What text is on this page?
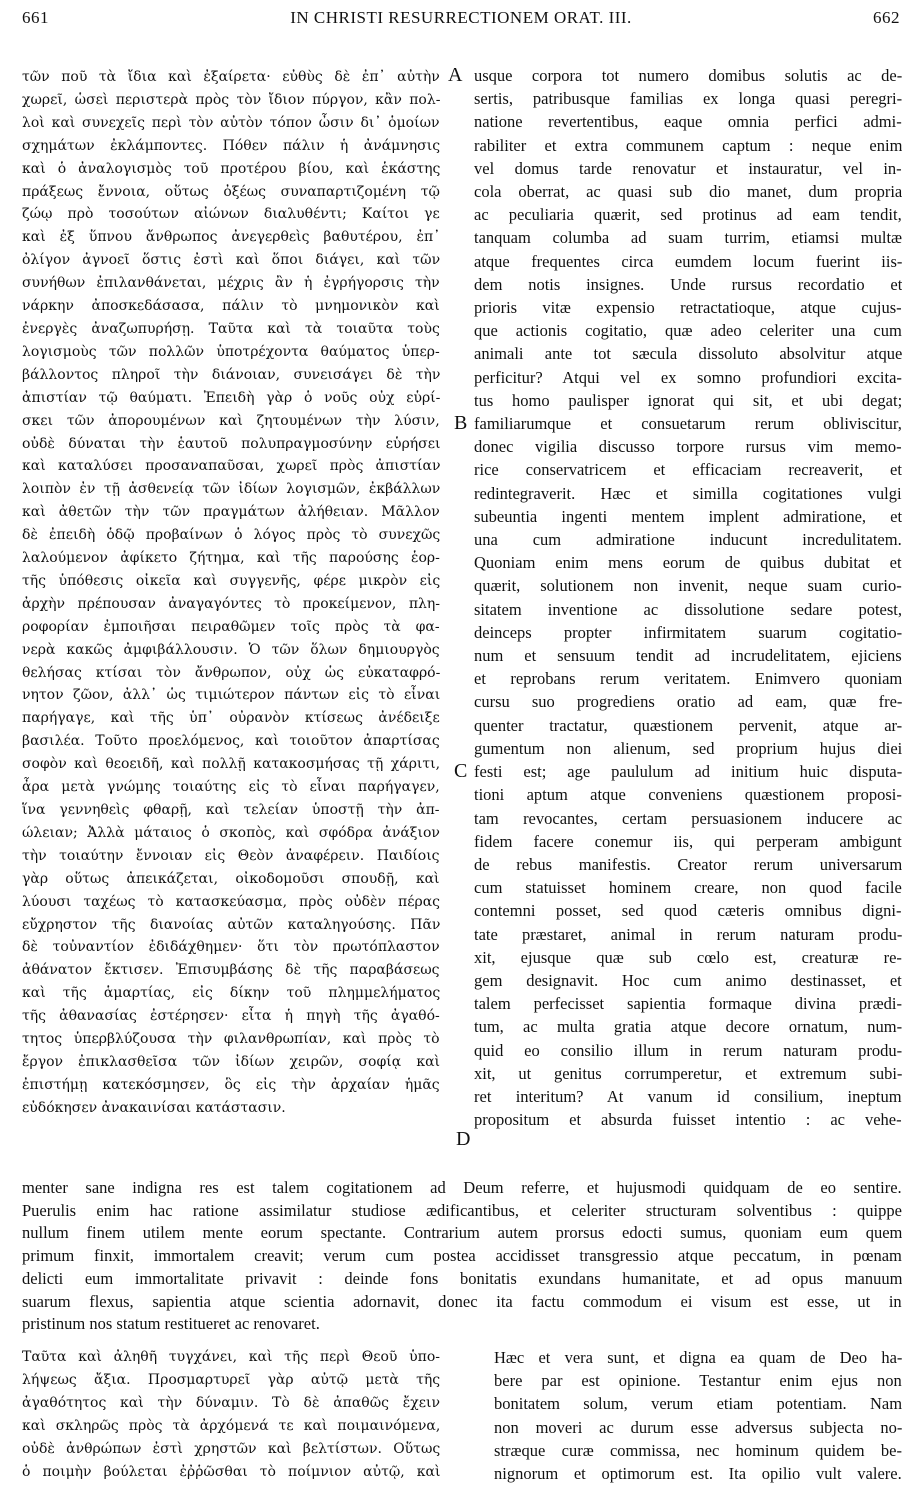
661	IN CHRISTI RESURRECTIONEM ORAT. III.	662
τῶν ποῦ τὰ ἴδια καὶ ἐξαίρετα· εὐθὺς δὲ ἐπ᾽ αὐτὴν
χωρεῖ, ὡσεὶ περιστερὰ πρὸς τὸν ἴδιον πύργον, κἂν πολ-
λοὶ καὶ συνεχεῖς περὶ τὸν αὐτὸν τόπον ὦσιν δι᾽ ὁμοίων
σχημάτων ἐκλάμποντες. Πόθεν πάλιν ἡ ἀνάμνησις
καὶ ὁ ἀναλογισμὸς τοῦ προτέρου βίου, καὶ ἑκάστης
πράξεως ἔννοια, οὕτως ὀξέως συναπαρτιζομένη τῷ
ζώῳ πρὸ τοσούτων αἰώνων διαλυθέντι; Καίτοι γε
καὶ ἐξ ὕπνου ἄνθρωπος ἀνεγερθεὶς βαθυτέρου, ἐπ᾽
ὀλίγον ἀγνοεῖ ὅστις ἐστὶ καὶ ὅποι διάγει, καὶ τῶν
συνήθων ἐπιλανθάνεται, μέχρις ἂν ἡ ἐγρήγορσις τὴν
νάρκην ἀποσκεδάσασα, πάλιν τὸ μνημονικὸν καὶ
ἐνεργὲς ἀναζωπυρήσῃ. Ταῦτα καὶ τὰ τοιαῦτα τοὺς
λογισμοὺς τῶν πολλῶν ὑποτρέχοντα θαύματος ὑπερ-
βάλλοντος πληροῖ τὴν διάνοιαν, συνεισάγει δὲ τὴν
ἀπιστίαν τῷ θαύματι. Ἐπειδὴ γὰρ ὁ νοῦς οὐχ εὑρί-
σκει τῶν ἀπορουμένων καὶ ζητουμένων τὴν λύσιν,
οὐδὲ δύναται τὴν ἑαυτοῦ πολυπραγμοσύνην εὑρήσει
καὶ καταλύσει προσαναπαῦσαι, χωρεῖ πρὸς ἀπιστίαν
λοιπὸν ἐν τῇ ἀσθενείᾳ τῶν ἰδίων λογισμῶν, ἐκβάλλων
καὶ ἀθετῶν τὴν τῶν πραγμάτων ἀλήθειαν. Μᾶλλον
δὲ ἐπειδὴ ὁδῷ προβαίνων ὁ λόγος πρὸς τὸ συνεχῶς
λαλούμενον ἀφίκετο ζήτημα, καὶ τῆς παρούσης ἑορ-
τῆς ὑπόθεσις οἰκεῖα καὶ συγγενῆς, φέρε μικρὸν εἰς
ἀρχὴν πρέπουσαν ἀναγαγόντες τὸ προκείμενον, πλη-
ροφορίαν ἐμποιῆσαι πειραθῶμεν τοῖς πρὸς τὰ φα-
νερὰ κακῶς ἀμφιβάλλουσιν. Ὁ τῶν ὅλων δημιουργὸς
θελήσας κτίσαι τὸν ἄνθρωπον, οὐχ ὡς εὐκαταφρό-
νητον ζῶον, ἀλλ᾽ ὡς τιμιώτερον πάντων εἰς τὸ εἶναι
παρήγαγε, καὶ τῆς ὑπ᾽ οὐρανὸν κτίσεως ἀνέδειξε
βασιλέα. Τοῦτο προελόμενος, καὶ τοιοῦτον ἀπαρτίσας
σοφὸν καὶ θεοειδῆ, καὶ πολλῇ κατακοσμήσας τῇ χάριτι,
ἆρα μετὰ γνώμης τοιαύτης εἰς τὸ εἶναι παρήγαγεν,
ἵνα γεννηθεὶς φθαρῇ, καὶ τελείαν ὑποστῇ τὴν ἀπ-
ώλειαν; Ἀλλὰ μάταιος ὁ σκοπὸς, καὶ σφόδρα ἀνάξιον
τὴν τοιαύτην ἔννοιαν εἰς Θεὸν ἀναφέρειν. Παιδίοις
γὰρ οὕτως ἀπεικάζεται, οἰκοδομοῦσι σπουδῇ, καὶ
λύουσι ταχέως τὸ κατασκεύασμα, πρὸς οὐδὲν πέρας
εὔχρηστον τῆς διανοίας αὐτῶν καταληγούσης. Πᾶν
δὲ τοὐναντίον ἐδιδάχθημεν· ὅτι τὸν πρωτόπλαστον
ἀθάνατον ἔκτισεν. Ἐπισυμβάσης δὲ τῆς παραβάσεως
καὶ τῆς ἁμαρτίας, εἰς δίκην τοῦ πλημμελήματος
τῆς ἀθανασίας ἐστέρησεν· εἶτα ἡ πηγὴ τῆς ἀγαθό-
τητος ὑπερβλύζουσα τὴν φιλανθρωπίαν, καὶ πρὸς τὸ
ἔργον ἐπικλασθεῖσα τῶν ἰδίων χειρῶν, σοφίᾳ καὶ
ἐπιστήμῃ κατεκόσμησεν, ὃς εἰς τὴν ἀρχαίαν ἡμᾶς
εὐδόκησεν ἀνακαινίσαι κατάστασιν.
usque corpora tot numero domibus solutis ac de-
sertis, patribusque familias ex longa quasi peregri-
natione revertentibus, eaque omnia perfici admi-
rabiliter et extra communem captum : neque enim
vel domus tarde renovatur et instauratur, vel in-
cola oberrat, ac quasi sub dio manet, dum propria
ac peculiaria quærit, sed protinus ad eam tendit,
tanquam columba ad suam turrim, etiamsi multæ
atque frequentes circa eumdem locum fuerint iis-
dem notis insignes. Unde rursus recordatio et
prioris vitæ expensio retractatioque, atque cujus-
que actionis cogitatio, quæ adeo celeriter una cum
animali ante tot sæcula dissoluto absolvitur atque
perficitur? Atqui vel ex somno profundiori excita-
tus homo paulisper ignorat qui sit, et ubi degat;
familiarumque et consuetarum rerum obliviscitur,
donec vigilia discusso torpore rursus vim memo-
rice conservatricem et efficaciam recreaverit, et
redintegraverit. Hæc et similla cogitationes vulgi
subeuntia ingenti mentem implent admiratione, et
una cum admiratione inducunt incredulitatem.
Quoniam enim mens eorum de quibus dubitat et
quærit, solutionem non invenit, neque suam curio-
sitatem inventione ac dissolutione sedare potest,
deinceps propter infirmitatem suarum cogitatio-
num et sensuum tendit ad incrudelitatem, ejiciens
et reprobans rerum veritatem. Enimvero quoniam
cursu suo progrediens oratio ad eam, quæ fre-
quenter tractatur, quæstionem pervenit, atque ar-
gumentum non alienum, sed proprium hujus diei
festi est; age paululum ad initium huic disputa-
tioni aptum atque conveniens quæstionem proposi-
tam revocantes, certam persuasionem inducere ac
fidem facere conemur iis, qui perperam ambigunt
de rebus manifestis. Creator rerum universarum
cum statuisset hominem creare, non quod facile
contemni posset, sed quod cæteris omnibus digni-
tate præstaret, animal in rerum naturam produ-
xit, ejusque quæ sub cœlo est, creaturæ re-
gem designavit. Hoc cum animo destinasset, et
talem perfecisset sapientia formaque divina prædi-
tum, ac multa gratia atque decore ornatum, num-
quid eo consilio illum in rerum naturam produ-
xit, ut genitus corrumperetur, et extremum subi-
ret interitum? At vanum id consilium, ineptum
propositum et absurda fuisset intentio : ac vehe-
menter sane indigna res est talem cogitationem ad Deum referre, et hujusmodi quidquam de eo sentire.
Puerulis enim hac ratione assimilatur studiose ædificantibus, et celeriter structuram solventibus : quippe
nullum finem utilem mente eorum spectante. Contrarium autem prorsus edocti sumus, quoniam eum quem
primum finxit, immortalem creavit; verum cum postea accidisset transgressio atque peccatum, in pœnam
delicti eum immortalitate privavit : deinde fons bonitatis exundans humanitate, et ad opus manuum
suarum flexus, sapientia atque scientia adornavit, donec ita factu commodum ei visum est esse, ut in
pristinum nos statum restitueret ac renovaret.
Ταῦτα καὶ ἀληθῆ τυγχάνει, καὶ τῆς περὶ Θεοῦ ὑπο-
λήψεως ἄξια. Προσμαρτυρεῖ γὰρ αὐτῷ μετὰ τῆς
ἀγαθότητος καὶ τὴν δύναμιν. Τὸ δὲ ἀπαθῶς ἔχειν
καὶ σκληρῶς πρὸς τὰ ἀρχόμενά τε καὶ ποιμαινόμενα,
οὐδὲ ἀνθρώπων ἐστὶ χρηστῶν καὶ βελτίστων. Οὕτως
ὁ ποιμὴν βούλεται ἐῤῥῶσθαι τὸ ποίμνιον αὐτῷ, καὶ
Hæc et vera sunt, et digna ea quam de Deo ha-
bere par est opinione. Testantur enim ejus non
bonitatem solum, verum etiam potentiam. Nam
non moveri ac durum esse adversus subjecta no-
stræque curæ commissa, nec hominum quidem be-
nignorum et optimorum est. Ita opilio vult valere.
A
B
C
D
